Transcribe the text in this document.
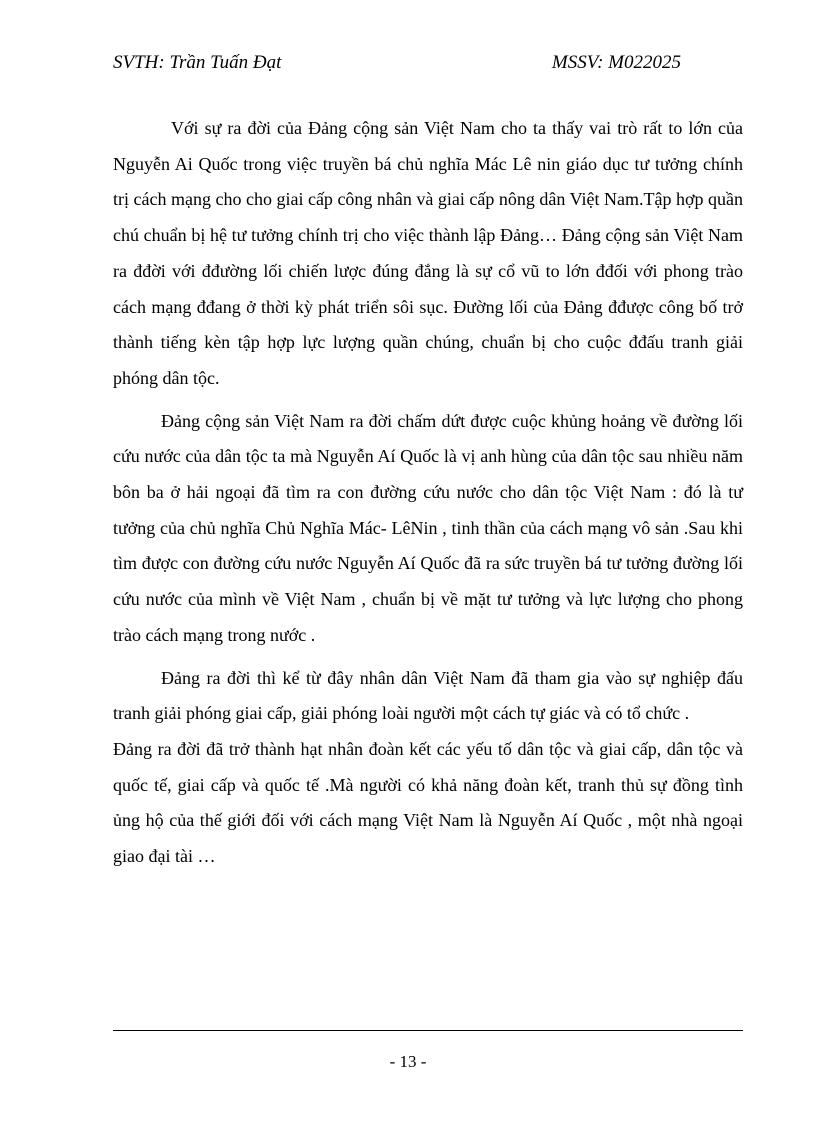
SVTH: Trần Tuấn Đạt	MSSV: M022025

Với sự ra đời của Đảng cộng sản Việt Nam cho ta thấy vai trò rất to lớn của Nguyễn Ai Quốc trong việc truyền bá chủ nghĩa Mác Lê nin giáo dục tư tưởng chính trị cách mạng cho cho giai cấp công nhân và giai cấp nông dân Việt Nam.Tập hợp quần chú chuẩn bị hệ tư tưởng chính trị cho việc thành lập Đảng… Đảng cộng sản Việt Nam ra đđời với đđường lối chiến lược đúng đắng là sự cổ vũ to lớn đđối với phong trào cách mạng đđang ở thời kỳ phát triển sôi sục. Đường lối của Đảng đđược công bố trở thành tiếng kèn tập hợp lực lượng quần chúng, chuẩn bị cho cuộc đđấu tranh giải phóng dân tộc.

Đảng cộng sản Việt Nam ra đời chấm dứt được cuộc khủng hoảng về đường lối cứu nước của dân tộc ta mà Nguyễn Aí Quốc là vị anh hùng của dân tộc sau nhiều năm bôn ba ở hải ngoại đã tìm ra con đường cứu nước cho dân tộc Việt Nam : đó là tư tưởng của chủ nghĩa Chủ Nghĩa Mác- LêNin , tinh thần của cách mạng vô sản .Sau khi tìm được con đường cứu nước Nguyễn Aí Quốc đã ra sức truyền bá tư tưởng đường lối cứu nước của mình về Việt Nam , chuẩn bị về mặt tư tưởng và lực lượng cho phong trào cách mạng trong nước .

Đảng ra đời thì kể từ đây nhân dân Việt Nam đã tham gia vào sự nghiệp đấu tranh giải phóng giai cấp, giải phóng loài người một cách tự giác và có tổ chức .

Đảng ra đời đã trở thành hạt nhân đoàn kết các yếu tố dân tộc và giai cấp, dân tộc và quốc tế, giai cấp và quốc tế .Mà người có khả năng đoàn kết, tranh thủ sự đồng tình ủng hộ của thế giới đối với cách mạng Việt Nam là Nguyễn Aí Quốc , một nhà ngoại giao đại tài …

- 13 -
